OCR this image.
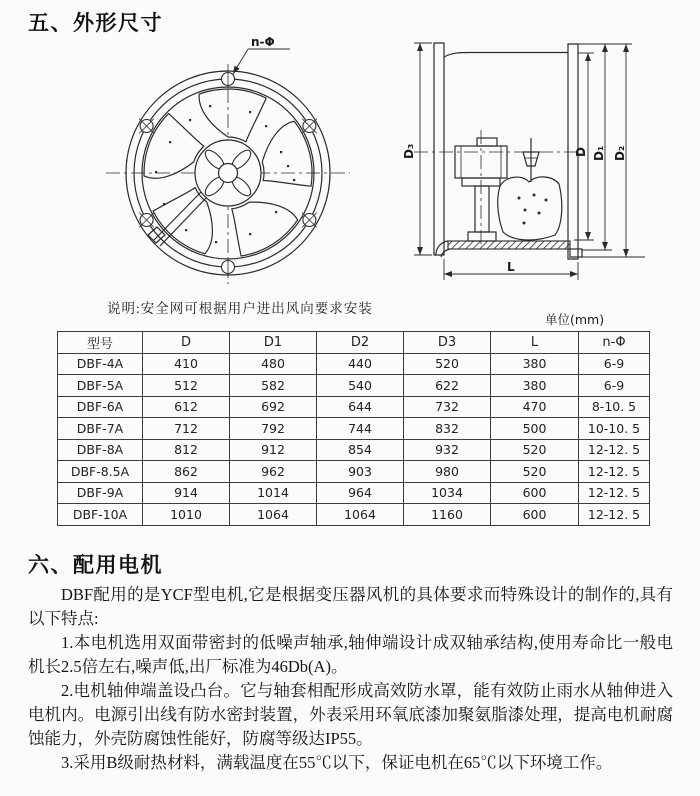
五、外形尺寸
n-Φ
D₃	D D₁ D₂
L
说明:安全网可根据用户进出风向要求安装
单位(mm)
型号	D	D1	D2	D3	L	n-Φ
DBF-4A	410	480	440	520	380	6-9
DBF-5A	512	582	540	622	380	6-9
DBF-6A	612	692	644	732	470	8-10. 5
DBF-7A	712	792	744	832	500	10-10. 5
DBF-8A	812	912	854	932	520	12-12. 5
DBF-8.5A	862	962	903	980	520	12-12. 5
DBF-9A	914	1014	964	1034	600	12-12. 5
DBF-10A	1010	1064	1064	1160	600	12-12. 5
六、配用电机

DBF配用的是YCF型电机,它是根据变压器风机的具体要求而特殊设计的制作的,具有以下特点:

1.本电机选用双面带密封的低噪声轴承,轴伸端设计成双轴承结构,使用寿命比一般电机长2.5倍左右,噪声低,出厂标准为46Db(A)。

2.电机轴伸端盖设凸台。它与轴套相配形成高效防水罩，能有效防止雨水从轴伸进入电机内。电源引出线有防水密封装置，外表采用环氧底漆加聚氨脂漆处理，提高电机耐腐蚀能力，外壳防腐蚀性能好，防腐等级达IP55。

3.采用B级耐热材料，满载温度在55℃以下，保证电机在65℃以下环境工作。
